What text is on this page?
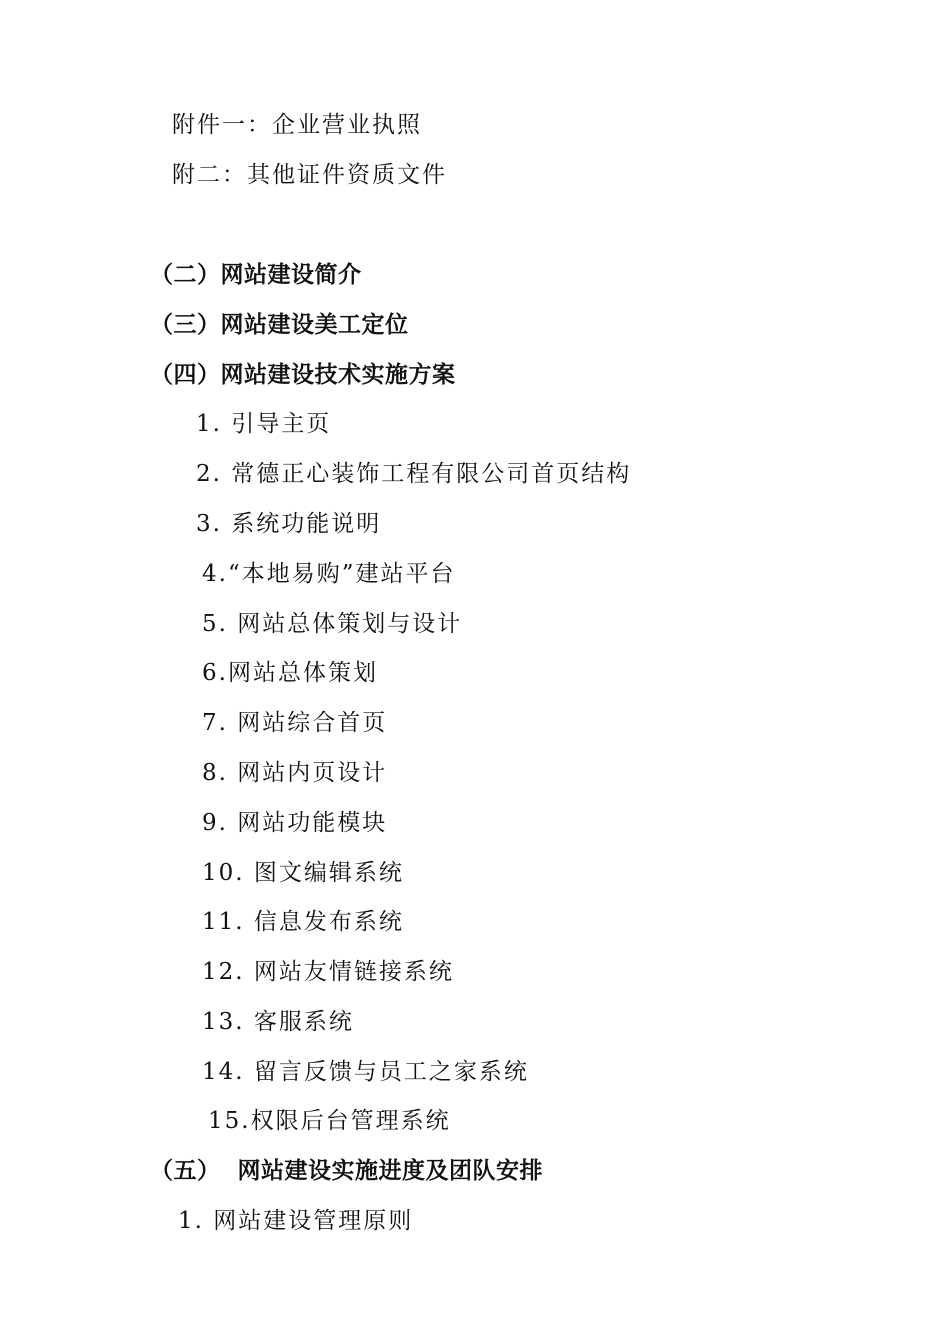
附件一：企业营业执照
附二：其他证件资质文件
（二）网站建设简介
（三）网站建设美工定位
（四）网站建设技术实施方案
1. 引导主页
2. 常德正心装饰工程有限公司首页结构
3. 系统功能说明
4.“本地易购”建站平台
5. 网站总体策划与设计
6.网站总体策划
7. 网站综合首页
8. 网站内页设计
9. 网站功能模块
10. 图文编辑系统
11. 信息发布系统
12. 网站友情链接系统
13. 客服系统
14. 留言反馈与员工之家系统
15.权限后台管理系统
（五）  网站建设实施进度及团队安排
1. 网站建设管理原则
